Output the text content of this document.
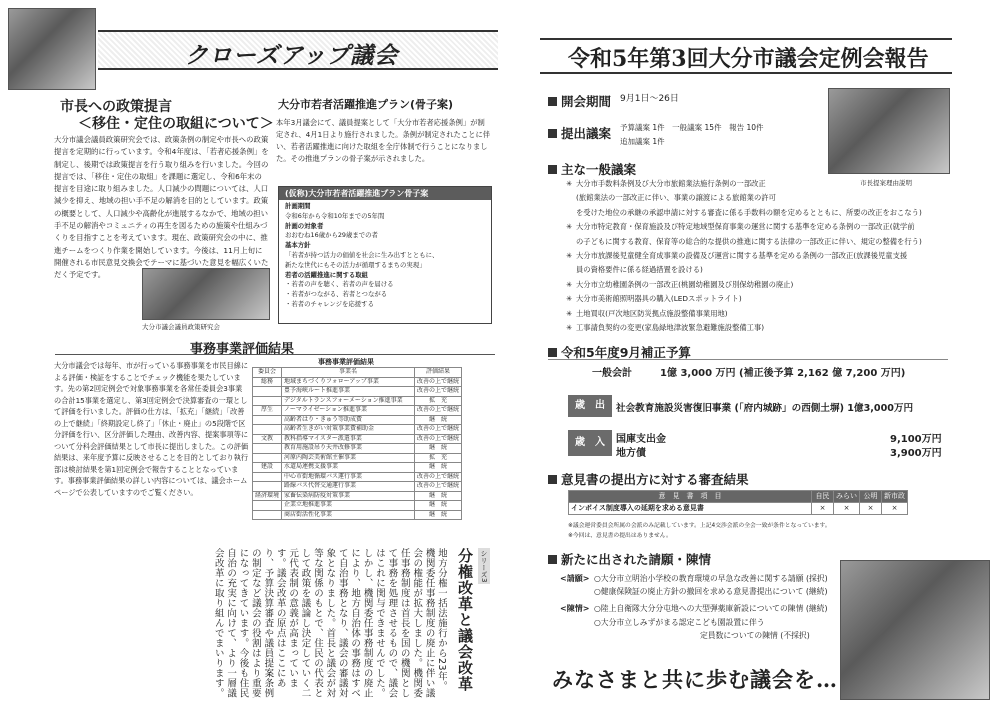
クローズアップ議会
市長への政策提言
＜移住・定住の取組について＞
大分市議会議員政策研究会では、政策条例の制定や市長への政策提言を定期的に行っています。令和4年度は、「若者応援条例」を制定し、後期では政策提言を行う取り組みを行いました。今回の提言では、「移住・定住の取組」を課題に選定し、令和6年末の提言を目途に取り組みました。人口減少の問題については、人口減少を抑え、地域の担い手不足の解消を目的としています。政策の概要として、人口減少や高齢化が進展するなかで、地域の担い手不足の解消やコミュニティの再生を図るための施策や仕組みづくりを目指すことを考えています。現在、政策研究会の中に、推進チームをつくり作業を開始しています。今後は、11月上旬に開催される市民意見交換会でテーマに基づいた意見を幅広くいただく予定です。
大分市議会議員政策研究会
大分市若者活躍推進プラン(骨子案)
本年3月議会にて、議員提案として「大分市若者応援条例」が制定され、4月1日より施行されました。条例が制定されたことに伴い、若者活躍推進に向けた取組を全庁体制で行うことになりました。その推進プランの骨子案が示されました。
(仮称)大分市若者活躍推進プラン骨子案
計画期間
令和6年から令和10年までの5年間
計画の対象者
おおむね16歳から29歳までの者
基本方針
「若者が持つ活力の価値を社会に生み出すとともに、
新たな世代にもその活力が循環するまちの実現」
若者の活躍推進に関する取組
・若者の声を聴く、若者の声を届ける
・若者がつながる、若者とつながる
・若者のチャレンジを応援する
事務事業評価結果
大分市議会では毎年、市が行っている事務事業を市民目線による評価・検証をすることでチェック機能を果たしています。先の第2回定例会で対象事務事業を各常任委員会3事業の合計15事業を選定し、第3回定例会で決算審査の一環として評価を行いました。評価の仕方は、「拡充」「継続」「改善の上で継続」「終期設定し終了」「休止・廃止」の5段階で区分評価を行い、区分評価した理由、改善内容、提案事項等について分科会評価結果として市長に提出しました。この評価結果は、来年度予算に反映させることを目的としており執行部は検討結果を第1回定例会で報告することとなっています。事務事業評価結果の詳しい内容については、議会ホームページで公表していますのでご覧ください。
事務事業評価結果
委員会	事業名	評価結果
総務	地域まちづくりフォローアップ事業	改善の上で継続
	豊予海峡ルート推進事業	改善の上で継続
	デジタルトランスフォーメーション推進事業	拡　充
厚生	ノーマライゼーション推進事業	改善の上で継続
	高齢者はり・きゅう等助成費	継　続
	高齢者生きがい対策事業費補助金	改善の上で継続
文教	教科指導マイスター派遣事業	改善の上で継続
	教育用施設吊り天井改修事業	継　続
	河原内陶芸美術館主催事業	拡　充
建設	水道局連携支援事業	継　続
	中心市街地循環バス運行事業	改善の上で継続
	路線バス代替交通運行事業	改善の上で継続
経済環境	家畜伝染病防疫対策事業	継　続
	企業立地推進事業	継　続
	商店街活性化事業	継　続
シリーズ3
分権改革と議会改革
地方分権一括法施行から23年。機関委任事務制度の廃止に伴い議会の権能が拡大しました。機関委任事務制度は首長を国の機関として事務を処理させるもので、議会はこれに関与できませんでした。しかし、機関委任事務制度の廃止により、地方自治体の事務はすべて自治事務となり、議会の審議対象となりました。首長と議会が対等な関係のもとで、住民の代表として政策を議論し決定していく二元代表制の意義が高まっています。議会改革の原点はここにあり、予算決算審査や議員提案条例の制定など議会の役割はより重要になってきています。今後も住民自治の充実に向けて、より一層議会改革に取り組んでまいります。
令和5年第3回大分市議会定例会報告
開会期間 9月1日～26日
提出議案 予算議案 1件　一般議案 15件　報告 10件
追加議案 1件
市長提案理由説明
主な一般議案
✳大分市手数料条例及び大分市旅館業法施行条例の一部改正
(旅館業法の一部改正に伴い、事業の譲渡による旅館業の許可
を受けた地位の承継の承認申請に対する審査に係る手数料の額を定めるとともに、所要の改正をおこなう)
✳大分市特定教育・保育施設及び特定地域型保育事業の運営に関する基準を定める条例の一部改正(就学前
の子どもに関する教育、保育等の総合的な提供の推進に関する法律の一部改正に伴い、規定の整備を行う)
✳大分市放課後児童健全育成事業の設備及び運営に関する基準を定める条例の一部改正(放課後児童支援
員の資格要件に係る経過措置を設ける)
✳大分市立幼稚園条例の一部改正(桃園幼稚園及び別保幼稚園の廃止)
✳大分市美術館照明器具の購入(LEDスポットライト)
✳土地買収(戸次地区防災拠点施設整備事業用地)
✳工事請負契約の変更(家島緑地津波緊急避難施設整備工事)
令和5年度9月補正予算
一般会計	1億 3,000 万円 (補正後予算 2,162 億 7,200 万円)
歳　出	社会教育施設災害復旧事業 (「府内城跡」の西側土塀) 1億3,000万円
歳　入	国庫支出金	9,100万円
地方債	3,900万円
意見書の提出方に対する審査結果
意　見　書　項　目	自民	みらい	公明	新市政
インボイス制度導入の延期を求める意見書	×	×	×	×
※議会運営委員会所属の会派のみ記載しています。上記4交渉会派の全会一致が条件となっています。
※今回は、意見書の提出はありません。
新たに出された請願・陳情
<請願> ○大分市立明治小学校の教育環境の早急な改善に関する請願 (採択)
○健康保険証の廃止方針の撤回を求める意見書提出について (継続)
<陳情> ○陸上自衛隊大分分屯地への大型弾薬庫新設についての陳情 (継続)
○大分市立しみずがまる認定こども園設置に伴う
定員数についての陳情 (不採択)
みなさまと共に歩む議会を…
